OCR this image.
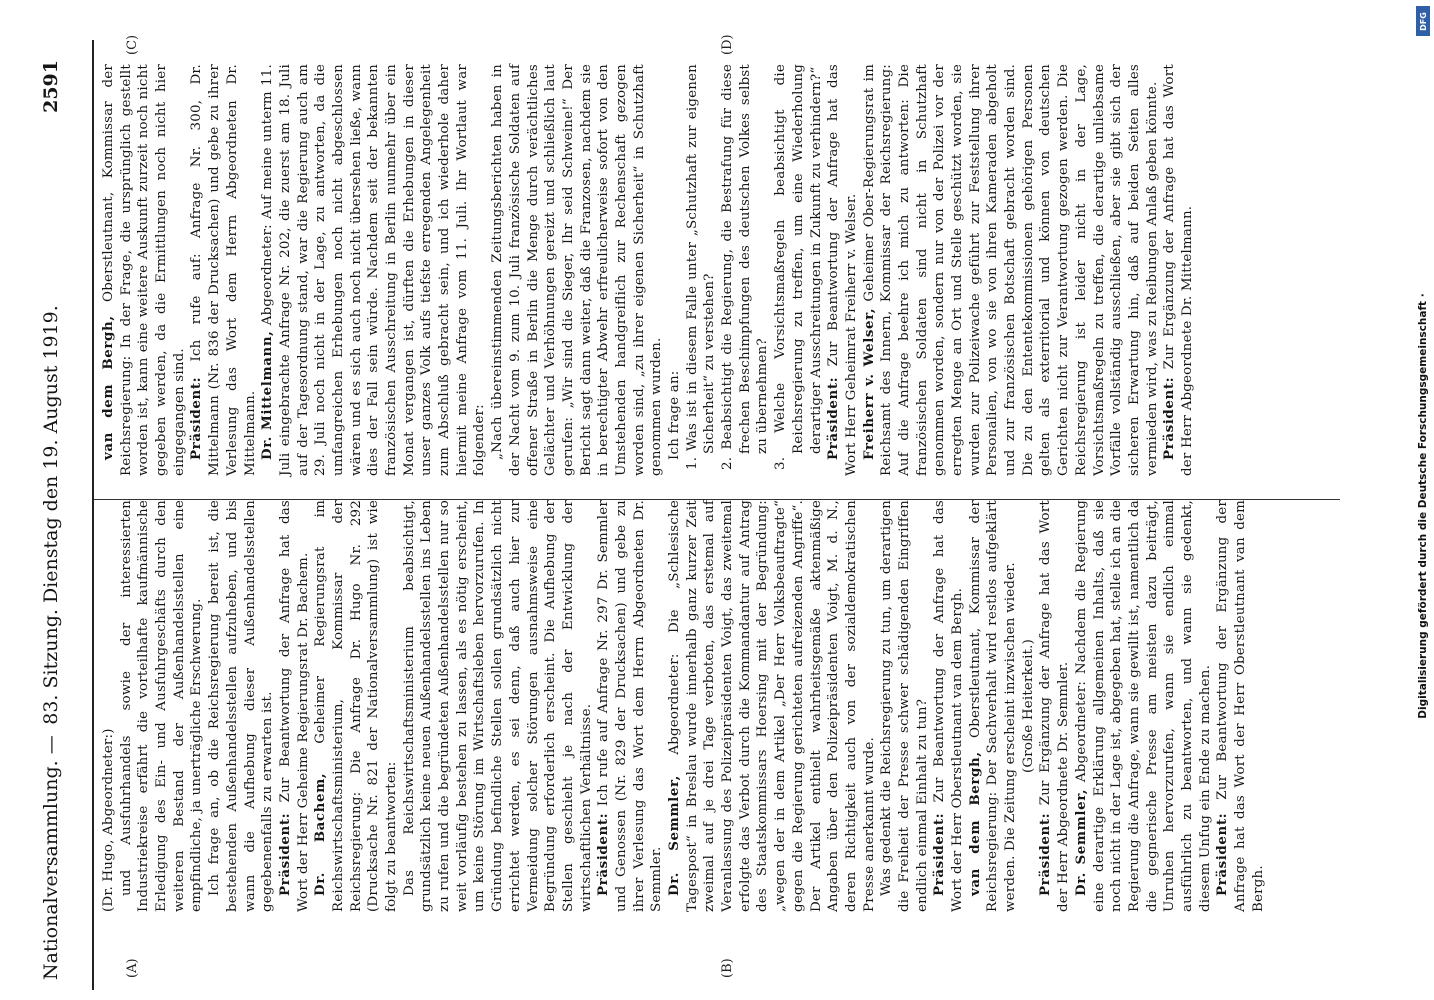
Nationalversammlung. —
83. Sitzung. Dienstag den 19. August 1919.
2591
(A)	(B)
(C)	(D)

(Dr. Hugo, Abgeordneter:) und Ausfuhrhandels sowie der interessierten Industriekreise erfährt die vorteilhafte kaufmännische Erledigung des Ein- und Ausfuhrgeschäfts durch den weiteren Bestand der Außenhandelsstellen eine empfindliche, ja unerträgliche Erschwerung. Ich frage an, ob die Reichsregierung bereit ist, die bestehenden Außenhandelsstellen aufzuheben, und bis wann die Aufhebung dieser Außenhandelsstellen gegebenenfalls zu erwarten ist. Präsident: Zur Beantwortung der Anfrage hat das Wort der Herr Geheime Regierungsrat Dr. Bachem. Dr. Bachem, Geheimer Regierungsrat im Reichswirtschaftsministerium, Kommissar der Reichsregierung: Die Anfrage Dr. Hugo Nr. 292 (Drucksache Nr. 821 der Nationalversammlung) ist wie folgt zu beantworten: Das Reichswirtschaftsministerium beabsichtigt, grundsätzlich keine neuen Außenhandelsstellen ins Leben zu rufen und die begründeten Außenhandelsstellen nur so weit vorläufig bestehen zu lassen, als es nötig erscheint, um keine Störung im Wirtschaftsleben hervorzurufen. In Gründung befindliche Stellen sollen grundsätzlich nicht errichtet werden, es sei denn, daß auch hier zur Vermeidung solcher Störungen ausnahmsweise eine Begründung erforderlich erscheint. Die Aufhebung der Stellen geschieht je nach der Entwicklung der wirtschaftlichen Verhältnisse. Präsident: Ich rufe auf Anfrage Nr. 297 Dr. Semmler und Genossen (Nr. 829 der Drucksachen) und gebe zu ihrer Verlesung das Wort dem Herrn Abgeordneten Dr. Semmler. Dr. Semmler, Abgeordneter: Die „Schlesische Tagespost“ in Breslau wurde innerhalb ganz kurzer Zeit zweimal auf je drei Tage verboten, das erstemal auf Veranlassung des Polizeipräsidenten Voigt, das zweitemal erfolgte das Verbot durch die Kommandantur auf Antrag des Staatskommissars Hoersing mit der Begründung: „wegen der in dem Artikel „Der Herr Volksbeauftragte“ gegen die Regierung gerichteten aufreizenden Angriffe“. Der Artikel enthielt wahrheitsgemäße aktenmäßige Angaben über den Polizeipräsidenten Voigt, M. d. N., deren Richtigkeit auch von der sozialdemokratischen Presse anerkannt wurde. Was gedenkt die Reichsregierung zu tun, um derartigen die Freiheit der Presse schwer schädigenden Eingriffen endlich einmal Einhalt zu tun? Präsident: Zur Beantwortung der Anfrage hat das Wort der Herr Oberstleutnant van dem Bergh. van dem Bergh, Oberstleutnant, Kommissar der Reichsregierung: Der Sachverhalt wird restlos aufgeklärt werden. Die Zeitung erscheint inzwischen wieder. (Große Heiterkeit.)

Präsident: Zur Ergänzung der Anfrage hat das Wort der Herr Abgeordnete Dr. Semmler. Dr. Semmler, Abgeordneter: Nachdem die Regierung eine derartige Erklärung allgemeinen Inhalts, daß sie noch nicht in der Lage ist, abgegeben hat, stelle ich an die Regierung die Anfrage, wann sie gewillt ist, namentlich da die gegnerische Presse am meisten dazu beiträgt, Unruhen hervorzurufen, wann sie endlich einmal ausführlich zu beantworten, und wann sie gedenkt, diesem Unfug ein Ende zu machen. Präsident: Zur Beantwortung der Ergänzung der Anfrage hat das Wort der Herr Oberstleutnant van dem Bergh.

van dem Bergh, Oberstleutnant, Kommissar der Reichsregierung: In der Frage, die ursprünglich gestellt worden ist, kann eine weitere Auskunft zurzeit noch nicht gegeben werden, da die Ermittlungen noch nicht hier eingegangen sind. Präsident: Ich rufe auf: Anfrage Nr. 300, Dr. Mittelmann (Nr. 836 der Drucksachen) und gebe zu ihrer Verlesung das Wort dem Herrn Abgeordneten Dr. Mittelmann. Dr. Mittelmann, Abgeordneter: Auf meine unterm 11. Juli eingebrachte Anfrage Nr. 202, die zuerst am 18. Juli auf der Tagesordnung stand, war die Regierung auch am 29. Juli noch nicht in der Lage, zu antworten, da die umfangreichen Erhebungen noch nicht abgeschlossen wären und es sich auch noch nicht übersehen ließe, wann dies der Fall sein würde. Nachdem seit der bekannten französischen Ausschreitung in Berlin nunmehr über ein Monat vergangen ist, dürften die Erhebungen in dieser unser ganzes Volk aufs tiefste erregenden Angelegenheit zum Abschluß gebracht sein, und ich wiederhole daher hiermit meine Anfrage vom 11. Juli. Ihr Wortlaut war folgender: „Nach übereinstimmenden Zeitungsberichten haben in der Nacht vom 9. zum 10. Juli französische Soldaten auf offener Straße in Berlin die Menge durch verächtliches Gelächter und Verhöhnungen gereizt und schließlich laut gerufen: „Wir sind die Sieger, Ihr seid Schweine!“ Der Bericht sagt dann weiter, daß die Franzosen, nachdem sie in berechtigter Abwehr erfreulicherweise sofort von den Umstehenden handgreiflich zur Rechenschaft gezogen worden sind, „zu ihrer eigenen Sicherheit“ in Schutzhaft genommen wurden. Ich frage an: 1. Was ist in diesem Falle unter „Schutzhaft zur eigenen Sicherheit“ zu verstehen? 2. Beabsichtigt die Regierung, die Bestrafung für diese frechen Beschimpfungen des deutschen Volkes selbst zu übernehmen? 3. Welche Vorsichtsmaßregeln beabsichtigt die Reichsregierung zu treffen, um eine Wiederholung derartiger Ausschreitungen in Zukunft zu verhindern?“ Präsident: Zur Beantwortung der Anfrage hat das Wort Herr Geheimrat Freiherr v. Welser. Freiherr v. Welser, Geheimer Ober-Regierungsrat im Reichsamt des Innern, Kommissar der Reichsregierung: Auf die Anfrage beehre ich mich zu antworten: Die französischen Soldaten sind nicht in Schutzhaft genommen worden, sondern nur von der Polizei vor der erregten Menge an Ort und Stelle geschützt worden, sie wurden zur Polizeiwache geführt zur Feststellung ihrer Personalien, von wo sie von ihren Kameraden abgeholt und zur französischen Botschaft gebracht worden sind. Die zu den Ententekommissionen gehörigen Personen gelten als exterritorial und können von deutschen Gerichten nicht zur Verantwortung gezogen werden. Die Reichsregierung ist leider nicht in der Lage, Vorsichtsmaßregeln zu treffen, die derartige unliebsame Vorfälle vollständig ausschließen, aber sie gibt sich der sicheren Erwartung hin, daß auf beiden Seiten alles vermieden wird, was zu Reibungen Anlaß geben könnte. Präsident: Zur Ergänzung der Anfrage hat das Wort der Herr Abgeordnete Dr. Mittelmann.	Digitalisierung gefördert durch die Deutsche Forschungsgemeinschaft ·
DFG
